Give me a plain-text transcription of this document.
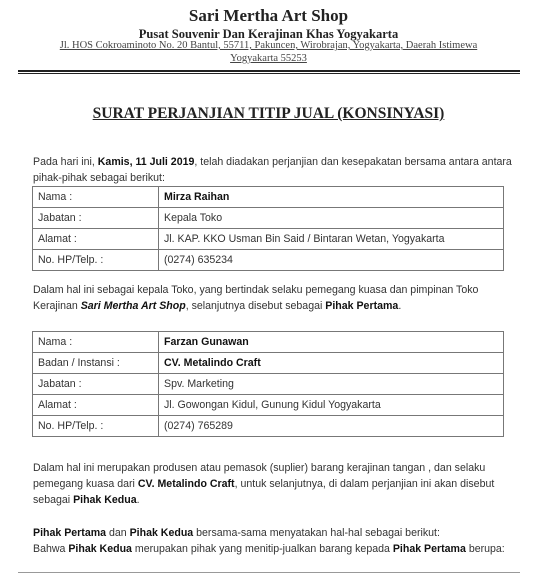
Sari Mertha Art Shop
Pusat Souvenir Dan Kerajinan Khas Yogyakarta
Jl. HOS Cokroaminoto No. 20 Bantul, 55711, Pakuncen, Wirobrajan, Yogyakarta, Daerah Istimewa
Yogyakarta 55253
SURAT PERJANJIAN TITIP JUAL (KONSINYASI)
Pada hari ini, Kamis, 11 Juli 2019, telah diadakan perjanjian dan kesepakatan bersama antara antara pihak-pihak sebagai berikut:
Nama :	Mirza Raihan
Jabatan :	Kepala Toko
Alamat :	Jl. KAP. KKO Usman Bin Said / Bintaran Wetan, Yogyakarta
No. HP/Telp. :	(0274) 635234
Dalam hal ini sebagai kepala Toko, yang bertindak selaku pemegang kuasa dan pimpinan Toko Kerajinan Sari Mertha Art Shop, selanjutnya disebut sebagai Pihak Pertama.
Nama :	Farzan Gunawan
Badan / Instansi :	CV. Metalindo Craft
Jabatan :	Spv. Marketing
Alamat :	Jl. Gowongan Kidul, Gunung Kidul Yogyakarta
No. HP/Telp. :	(0274) 765289
Dalam hal ini merupakan produsen atau pemasok (suplier) barang kerajinan tangan , dan selaku pemegang kuasa dari CV. Metalindo Craft, untuk selanjutnya, di dalam perjanjian ini akan disebut sebagai Pihak Kedua.
Pihak Pertama dan Pihak Kedua bersama-sama menyatakan hal-hal sebagai berikut:
Bahwa Pihak Kedua merupakan pihak yang menitip-jualkan barang kepada Pihak Pertama berupa:
